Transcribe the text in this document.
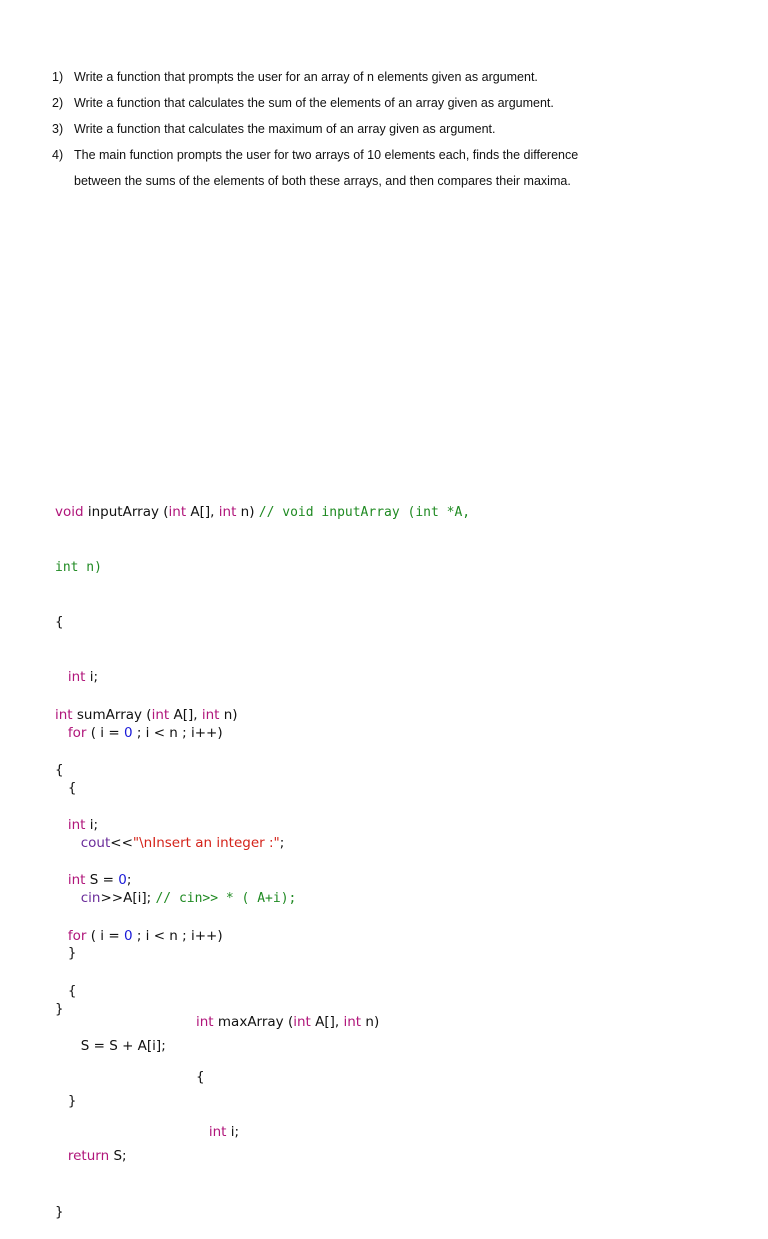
1) Write a function that prompts the user for an array of n elements given as argument.
2) Write a function that calculates the sum of the elements of an array given as argument.
3) Write a function that calculates the maximum of an array given as argument.
4) The main function prompts the user for two arrays of 10 elements each, finds the difference
between the sums of the elements of both these arrays, and then compares their maxima.

void inputArray (int A[], int n) // void inputArray (int *A,

int n)

{

int i;

for ( i = 0 ; i < n ; i++)

{

cout<<"\nInsert an integer :";

cin>>A[i]; // cin>> * ( A+i);

}

}

int sumArray (int A[], int n)

{

int i;

int S = 0;

for ( i = 0 ; i < n ; i++)

{

S = S + A[i];

}

return S;

}

int maxArray (int A[], int n)

{

int i;
